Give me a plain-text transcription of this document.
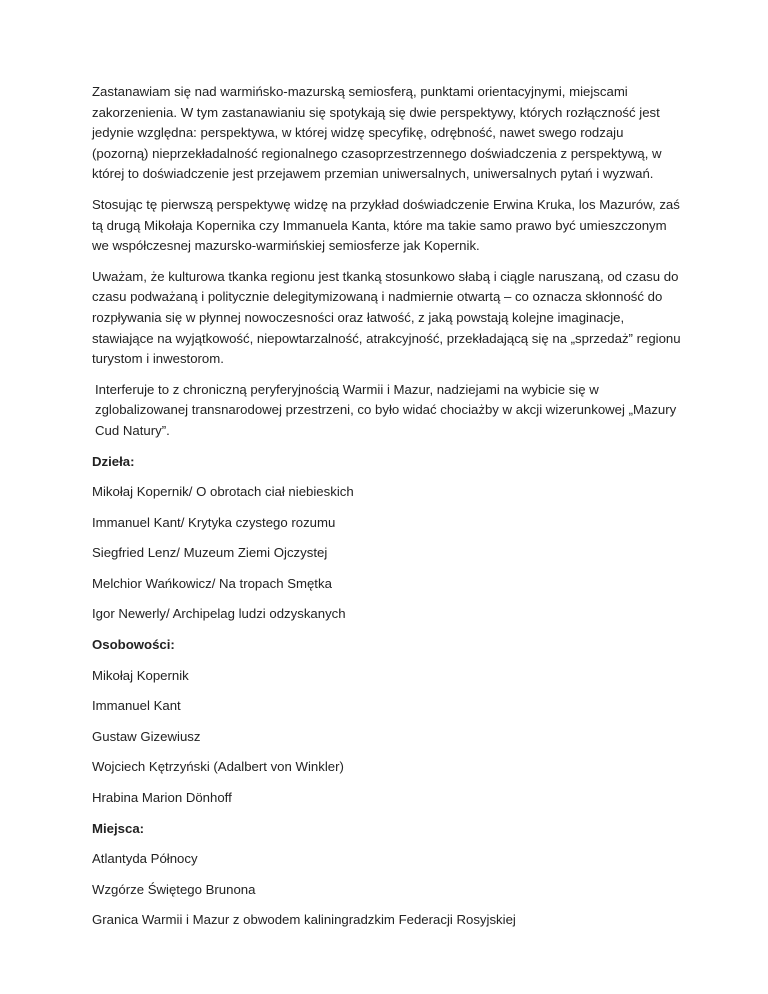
Zastanawiam się nad warmińsko-mazurską semiosferą, punktami orientacyjnymi, miejscami zakorzenienia. W tym zastanawianiu się spotykają się dwie perspektywy, których rozłączność jest jedynie względna: perspektywa, w której widzę specyfikę, odrębność, nawet swego rodzaju (pozorną) nieprzekładalność regionalnego czasoprzestrzennego doświadczenia z perspektywą, w której to doświadczenie jest przejawem przemian uniwersalnych, uniwersalnych pytań i wyzwań.

Stosując tę pierwszą perspektywę widzę na przykład doświadczenie Erwina Kruka, los Mazurów, zaś tą drugą Mikołaja Kopernika czy Immanuela Kanta, które ma takie samo prawo być umieszczonym we współczesnej mazursko-warmińskiej semiosferze jak Kopernik.

Uważam, że kulturowa tkanka regionu jest tkanką stosunkowo słabą i ciągle naruszaną, od czasu do czasu podważaną i politycznie delegitymizowaną i nadmiernie otwartą – co oznacza skłonność do rozpływania się w płynnej nowoczesności oraz łatwość, z jaką powstają kolejne imaginacje, stawiające na wyjątkowość, niepowtarzalność, atrakcyjność, przekładającą się na „sprzedaż” regionu turystom i inwestorom.

Interferuje to z chroniczną peryferyjnością Warmii i Mazur, nadziejami na wybicie się w zglobalizowanej transnarodowej przestrzeni, co było widać chociażby w akcji wizerunkowej „Mazury Cud Natury”.

Dzieła:

Mikołaj Kopernik/ O obrotach ciał niebieskich
Immanuel Kant/ Krytyka czystego rozumu
Siegfried Lenz/ Muzeum Ziemi Ojczystej
Melchior Wańkowicz/ Na tropach Smętka
Igor Newerly/ Archipelag ludzi odzyskanych

Osobowości:

Mikołaj Kopernik
Immanuel Kant
Gustaw Gizewiusz
Wojciech Kętrzyński (Adalbert von Winkler)
Hrabina Marion Dönhoff

Miejsca:

Atlantyda Północy
Wzgórze Świętego Brunona
Granica Warmii i Mazur z obwodem kaliningradzkim Federacji Rosyjskiej
